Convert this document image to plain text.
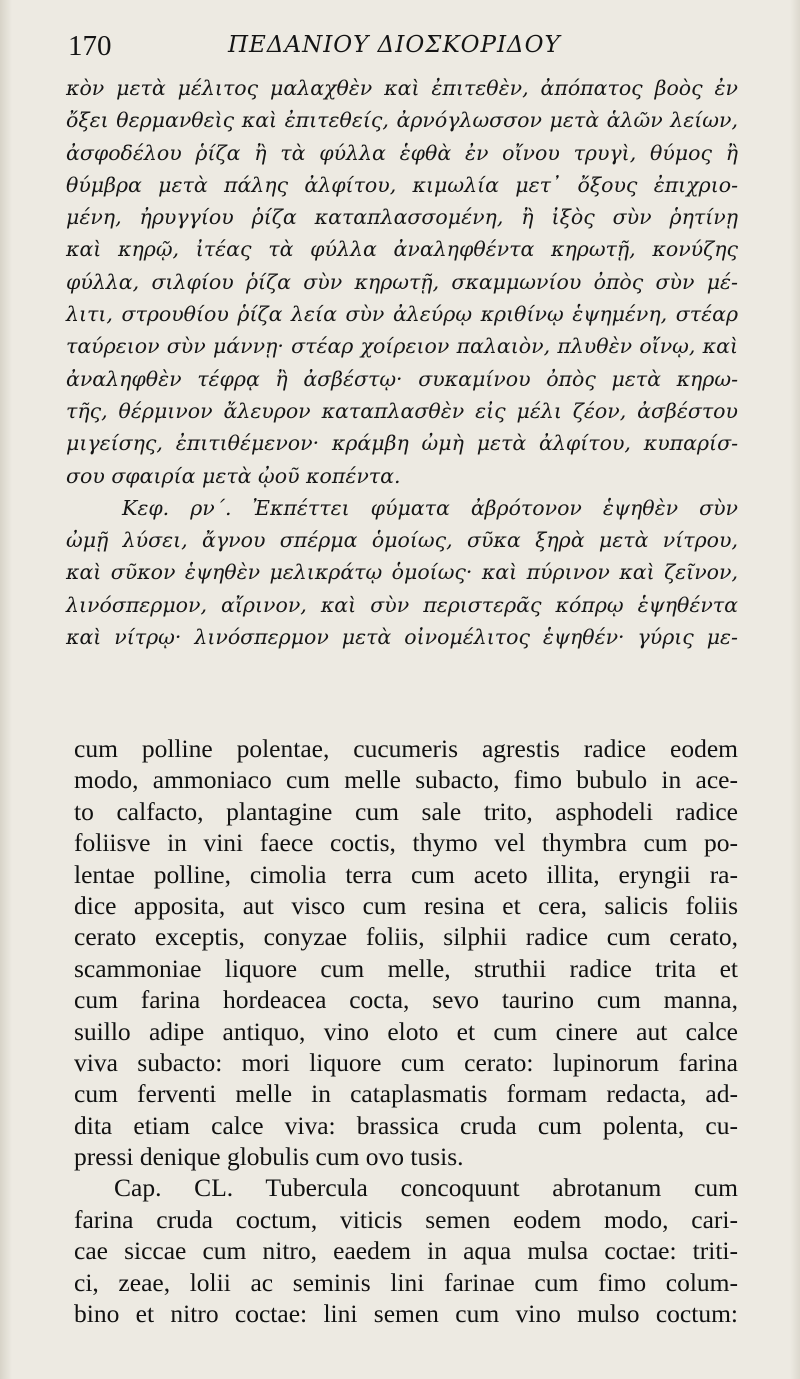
170	ΠΕΔΑΝΙΟΥ ΔΙΟΣΚΟΡΙΔΟΥ
κὸν μετὰ μέλιτος μαλαχθὲν καὶ ἐπιτεθὲν, ἀπόπατος βοὸς ἐν
ὄξει θερμανθεὶς καὶ ἐπιτεθείς, ἀρνόγλωσσον μετὰ ἁλῶν λείων,
ἀσφοδέλου ῥίζα ἢ τὰ φύλλα ἑφθὰ ἐν οἴνου τρυγὶ, θύμος ἢ
θύμβρα μετὰ πάλης ἀλφίτου, κιμωλία μετ᾽ ὄξους ἐπιχριο-
μένη, ἠρυγγίου ῥίζα καταπλασσομένη, ἢ ἰξὸς σὺν ῥητίνῃ
καὶ κηρῷ, ἰτέας τὰ φύλλα ἀναληφθέντα κηρωτῇ, κονύζης
φύλλα, σιλφίου ῥίζα σὺν κηρωτῇ, σκαμμωνίου ὀπὸς σὺν μέ-
λιτι, στρουθίου ῥίζα λεία σὺν ἀλεύρῳ κριθίνῳ ἑψημένη, στέαρ
ταύρειον σὺν μάννῃ· στέαρ χοίρειον παλαιὸν, πλυθὲν οἴνῳ, καὶ
ἀναληφθὲν τέφρᾳ ἢ ἀσβέστῳ· συκαμίνου ὀπὸς μετὰ κηρω-
τῆς, θέρμινον ἄλευρον καταπλασθὲν εἰς μέλι ζέον, ἀσβέστου
μιγείσης, ἐπιτιθέμενον· κράμβη ὠμὴ μετὰ ἀλφίτου, κυπαρίσ-
σου σφαιρία μετὰ ᾠοῦ κοπέντα.
Κεφ. ρν΄. Ἐκπέττει φύματα ἀβρότονον ἑψηθὲν σὺν
ὠμῇ λύσει, ἄγνου σπέρμα ὁμοίως, σῦκα ξηρὰ μετὰ νίτρου,
καὶ σῦκον ἑψηθὲν μελικράτῳ ὁμοίως· καὶ πύρινον καὶ ζεῖνον,
λινόσπερμον, αἴρινον, καὶ σὺν περιστερᾶς κόπρῳ ἑψηθέντα
καὶ νίτρῳ· λινόσπερμον μετὰ οἰνομέλιτος ἑψηθέν· γύρις με-
cum polline polentae, cucumeris agrestis radice eodem
modo, ammoniaco cum melle subacto, fimo bubulo in ace-
to calfacto, plantagine cum sale trito, asphodeli radice
foliisve in vini faece coctis, thymo vel thymbra cum po-
lentae polline, cimolia terra cum aceto illita, eryngii ra-
dice apposita, aut visco cum resina et cera, salicis foliis
cerato exceptis, conyzae foliis, silphii radice cum cerato,
scammoniae liquore cum melle, struthii radice trita et
cum farina hordeacea cocta, sevo taurino cum manna,
suillo adipe antiquo, vino eloto et cum cinere aut calce
viva subacto: mori liquore cum cerato: lupinorum farina
cum ferventi melle in cataplasmatis formam redacta, ad-
dita etiam calce viva: brassica cruda cum polenta, cu-
pressi denique globulis cum ovo tusis.
Cap. CL. Tubercula concoquunt abrotanum cum
farina cruda coctum, viticis semen eodem modo, cari-
cae siccae cum nitro, eaedem in aqua mulsa coctae: triti-
ci, zeae, lolii ac seminis lini farinae cum fimo colum-
bino et nitro coctae: lini semen cum vino mulso coctum:
